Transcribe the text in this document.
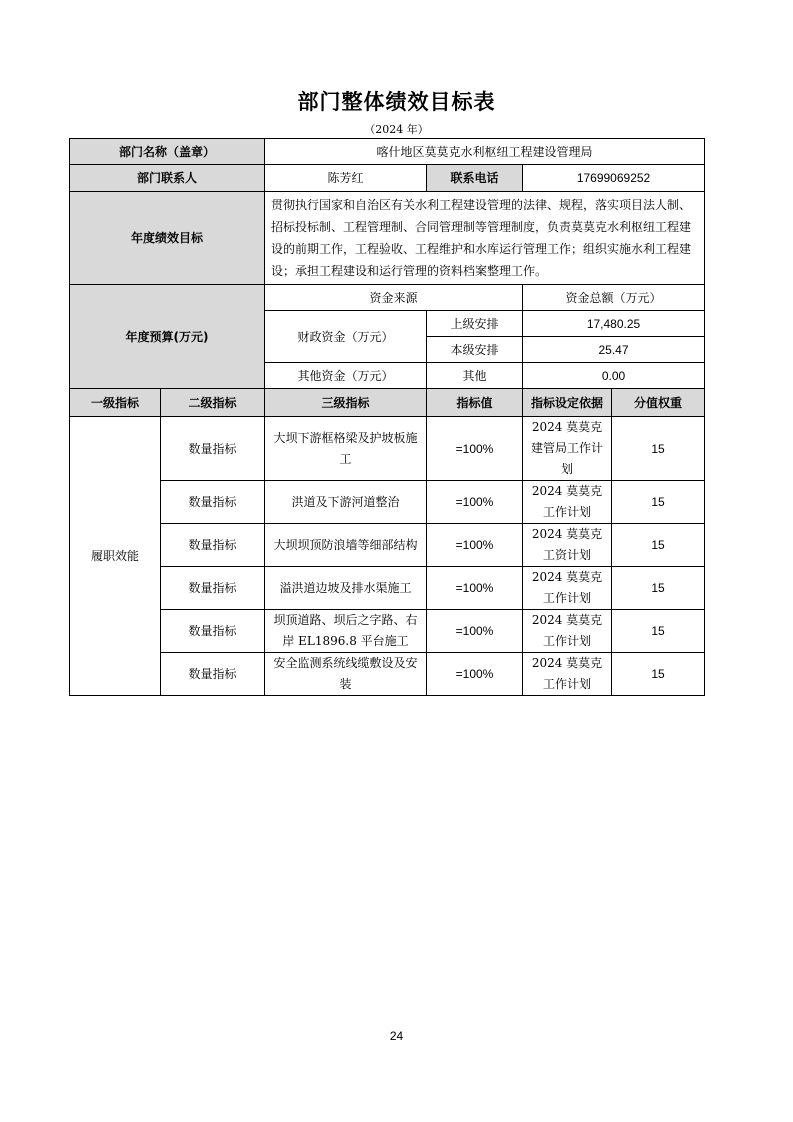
部门整体绩效目标表
（2024 年）
部门名称（盖章）		喀什地区莫莫克水利枢纽工程建设管理局			
部门联系人		陈芳红	联系电话	17699069252	
年度绩效目标		贯彻执行国家和自治区有关水利工程建设管理的法律、规程，落实项目法人制、招标投标制、工程管理制、合同管理制等管理制度，负责莫莫克水利枢纽工程建设的前期工作，工程验收、工程维护和水库运行管理工作；组织实施水利工程建设；承担工程建设和运行管理的资料档案整理工作。			
年度预算(万元)		资金来源		资金总额（万元）	
		财政资金（万元）	上级安排	17,480.25	
			本级安排	25.47	
		其他资金（万元）	其他	0.00	
一级指标	二级指标	三级指标	指标值	指标设定依据	分值权重
履职效能	数量指标	大坝下游框格梁及护坡板施工	=100%	2024 莫莫克建管局工作计划	15
	数量指标	洪道及下游河道整治	=100%	2024 莫莫克工作计划	15
	数量指标	大坝坝顶防浪墙等细部结构	=100%	2024 莫莫克工资计划	15
	数量指标	溢洪道边坡及排水渠施工	=100%	2024 莫莫克工作计划	15
	数量指标	坝顶道路、坝后之字路、右岸 EL1896.8 平台施工	=100%	2024 莫莫克工作计划	15
	数量指标	安全监测系统线缆敷设及安装	=100%	2024 莫莫克工作计划	15
24
